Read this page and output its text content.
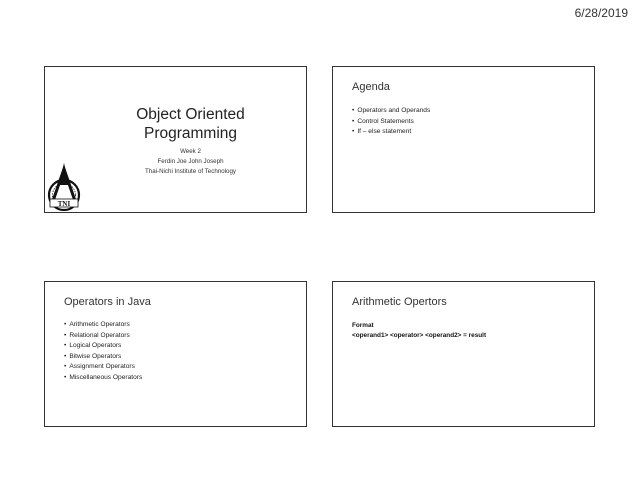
6/28/2019
Object Oriented
Programming
Week 2
Ferdin Joe John Joseph
Thai-Nichi Institute of Technology
TNI
Agenda
• Operators and Operands
• Control Statements
• If – else statement
Operators in Java
• Arithmetic Operators
• Relational Operators
• Logical Operators
• Bitwise Operators
• Assignment Operators
• Miscellaneous Operators
Arithmetic Opertors
Format
<operand1> <operator> <operand2> = result
